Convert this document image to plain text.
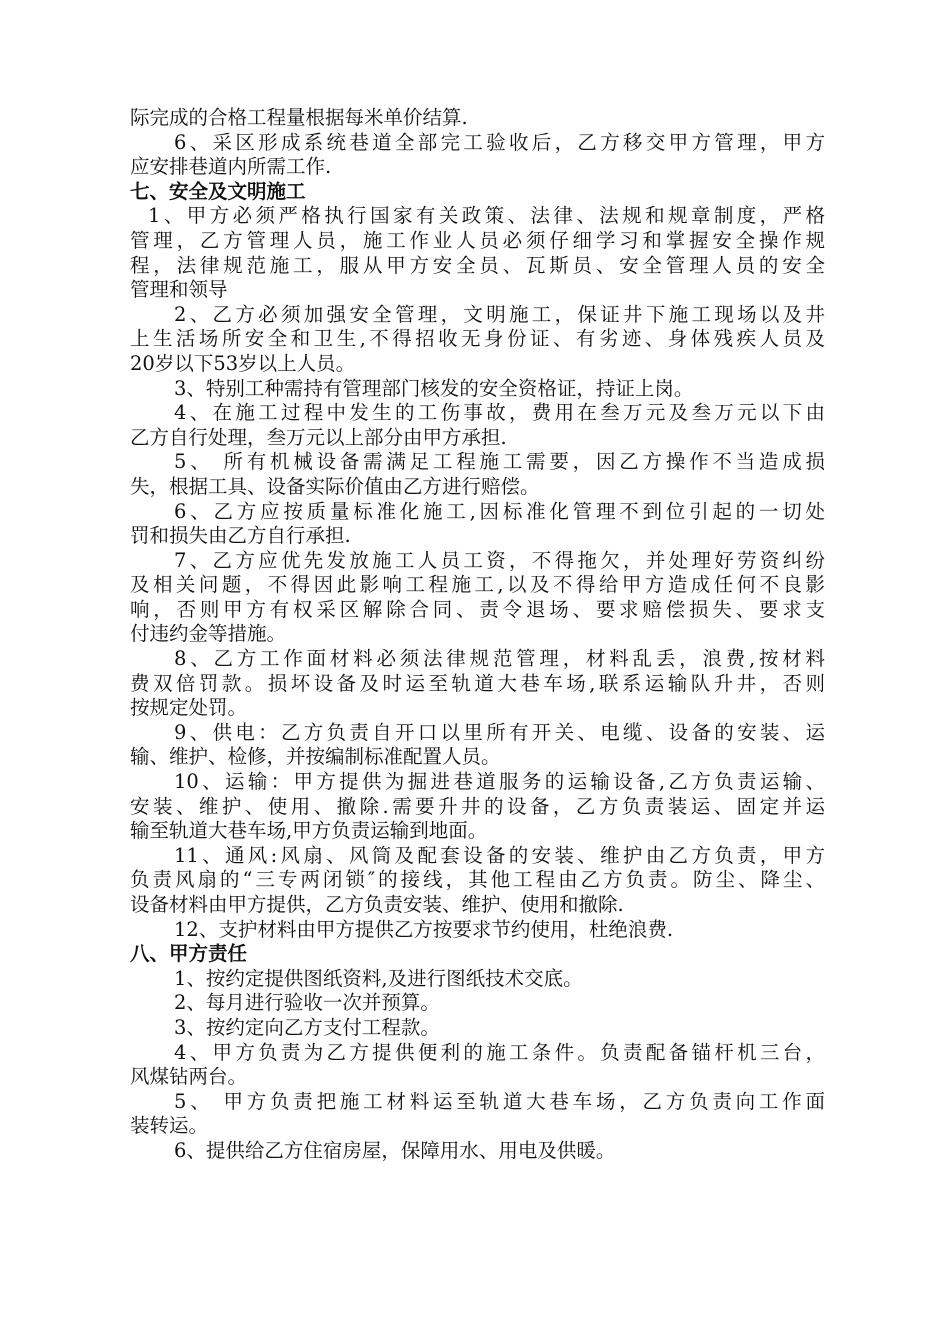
际完成的合格工程量根据每米单价结算.
6、采区形成系统巷道全部完工验收后，乙方移交甲方管理，甲方
应安排巷道内所需工作.
七、安全及文明施工
1、甲方必须严格执行国家有关政策、法律、法规和规章制度，严格
管理，乙方管理人员，施工作业人员必须仔细学习和掌握安全操作规
程，法律规范施工，服从甲方安全员、瓦斯员、安全管理人员的安全
管理和领导
2、乙方必须加强安全管理，文明施工，保证井下施工现场以及井
上生活场所安全和卫生,不得招收无身份证、有劣迹、身体残疾人员及
20岁以下53岁以上人员。
3、特别工种需持有管理部门核发的安全资格证，持证上岗。
4、在施工过程中发生的工伤事故，费用在叁万元及叁万元以下由
乙方自行处理，叁万元以上部分由甲方承担.
5、 所有机械设备需满足工程施工需要，因乙方操作不当造成损
失，根据工具、设备实际价值由乙方进行赔偿。
6、乙方应按质量标准化施工,因标准化管理不到位引起的一切处
罚和损失由乙方自行承担.
7、乙方应优先发放施工人员工资，不得拖欠，并处理好劳资纠纷
及相关问题，不得因此影响工程施工,以及不得给甲方造成任何不良影
响，否则甲方有权采区解除合同、责令退场、要求赔偿损失、要求支
付违约金等措施。
8、乙方工作面材料必须法律规范管理，材料乱丢，浪费,按材料
费双倍罚款。损坏设备及时运至轨道大巷车场,联系运输队升井，否则
按规定处罚。
9、供电：乙方负责自开口以里所有开关、电缆、设备的安装、运
输、维护、检修，并按编制标准配置人员。
10、运输：甲方提供为掘进巷道服务的运输设备,乙方负责运输、
安装、维护、使用、撤除.需要升井的设备，乙方负责装运、固定并运
输至轨道大巷车场,甲方负责运输到地面。
11、通风:风扇、风筒及配套设备的安装、维护由乙方负责，甲方
负责风扇的“三专两闭锁″的接线，其他工程由乙方负责。防尘、降尘、
设备材料由甲方提供，乙方负责安装、维护、使用和撤除.
12、支护材料由甲方提供乙方按要求节约使用，杜绝浪费.
八、甲方责任
1、按约定提供图纸资料,及进行图纸技术交底。
2、每月进行验收一次并预算。
3、按约定向乙方支付工程款。
4、甲方负责为乙方提供便利的施工条件。负责配备锚杆机三台，
风煤钻两台。
5、 甲方负责把施工材料运至轨道大巷车场，乙方负责向工作面
装转运。
6、提供给乙方住宿房屋，保障用水、用电及供暖。
